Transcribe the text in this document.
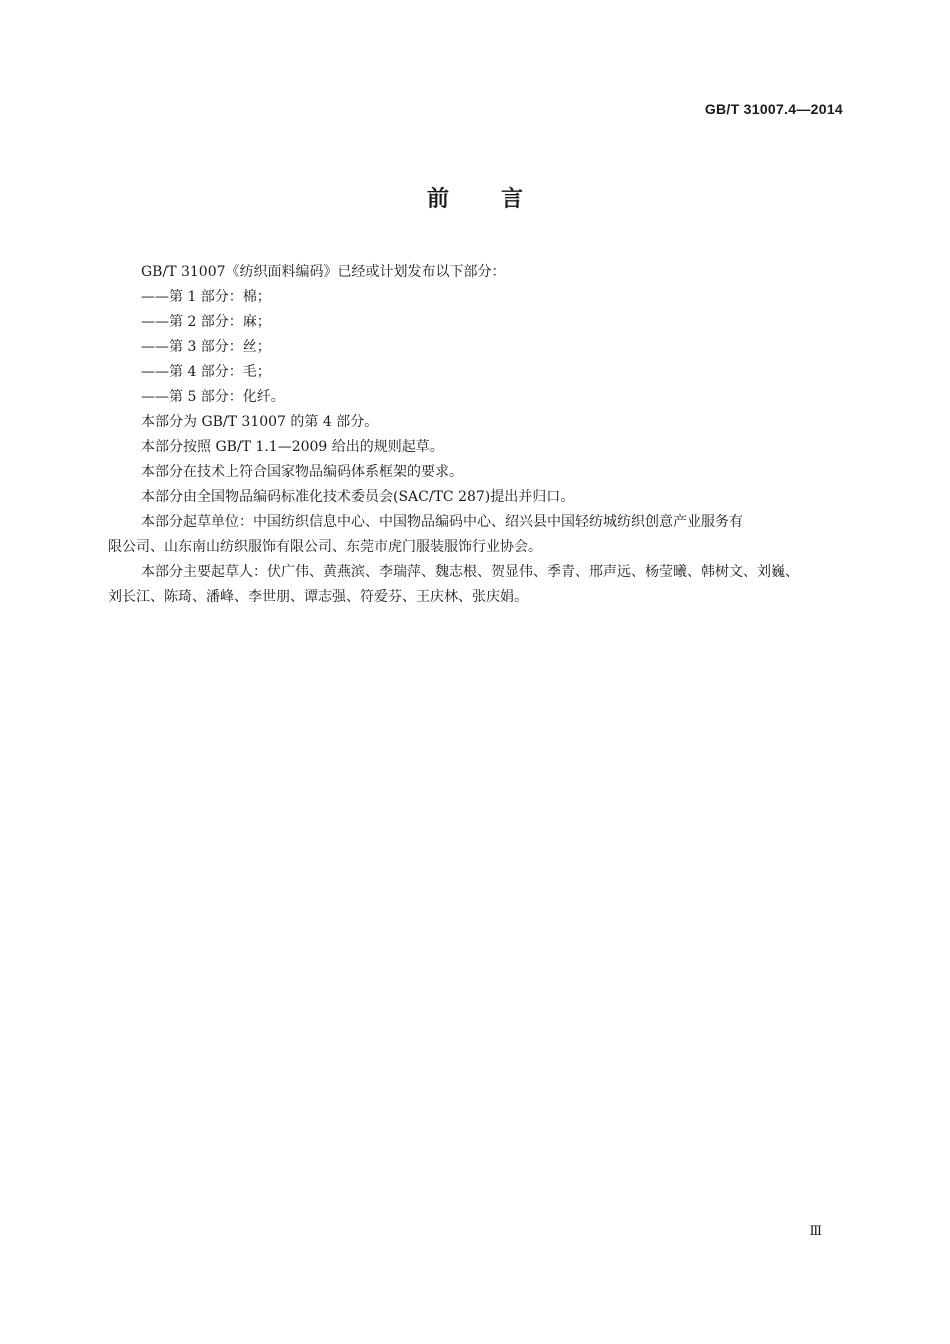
GB/T 31007.4—2014
前言

GB/T 31007《纺织面料编码》已经或计划发布以下部分：

——第 1 部分：棉；

——第 2 部分：麻；

——第 3 部分：丝；

——第 4 部分：毛；

——第 5 部分：化纤。

本部分为 GB/T 31007 的第 4 部分。

本部分按照 GB/T 1.1—2009 给出的规则起草。

本部分在技术上符合国家物品编码体系框架的要求。

本部分由全国物品编码标准化技术委员会(SAC/TC 287)提出并归口。

本部分起草单位：中国纺织信息中心、中国物品编码中心、绍兴县中国轻纺城纺织创意产业服务有
限公司、山东南山纺织服饰有限公司、东莞市虎门服装服饰行业协会。

本部分主要起草人：伏广伟、黄燕滨、李瑞萍、魏志根、贺显伟、季青、邢声远、杨莹曦、韩树文、刘巍、
刘长江、陈琦、潘峰、李世朋、谭志强、符爱芬、王庆林、张庆娟。

Ⅲ
